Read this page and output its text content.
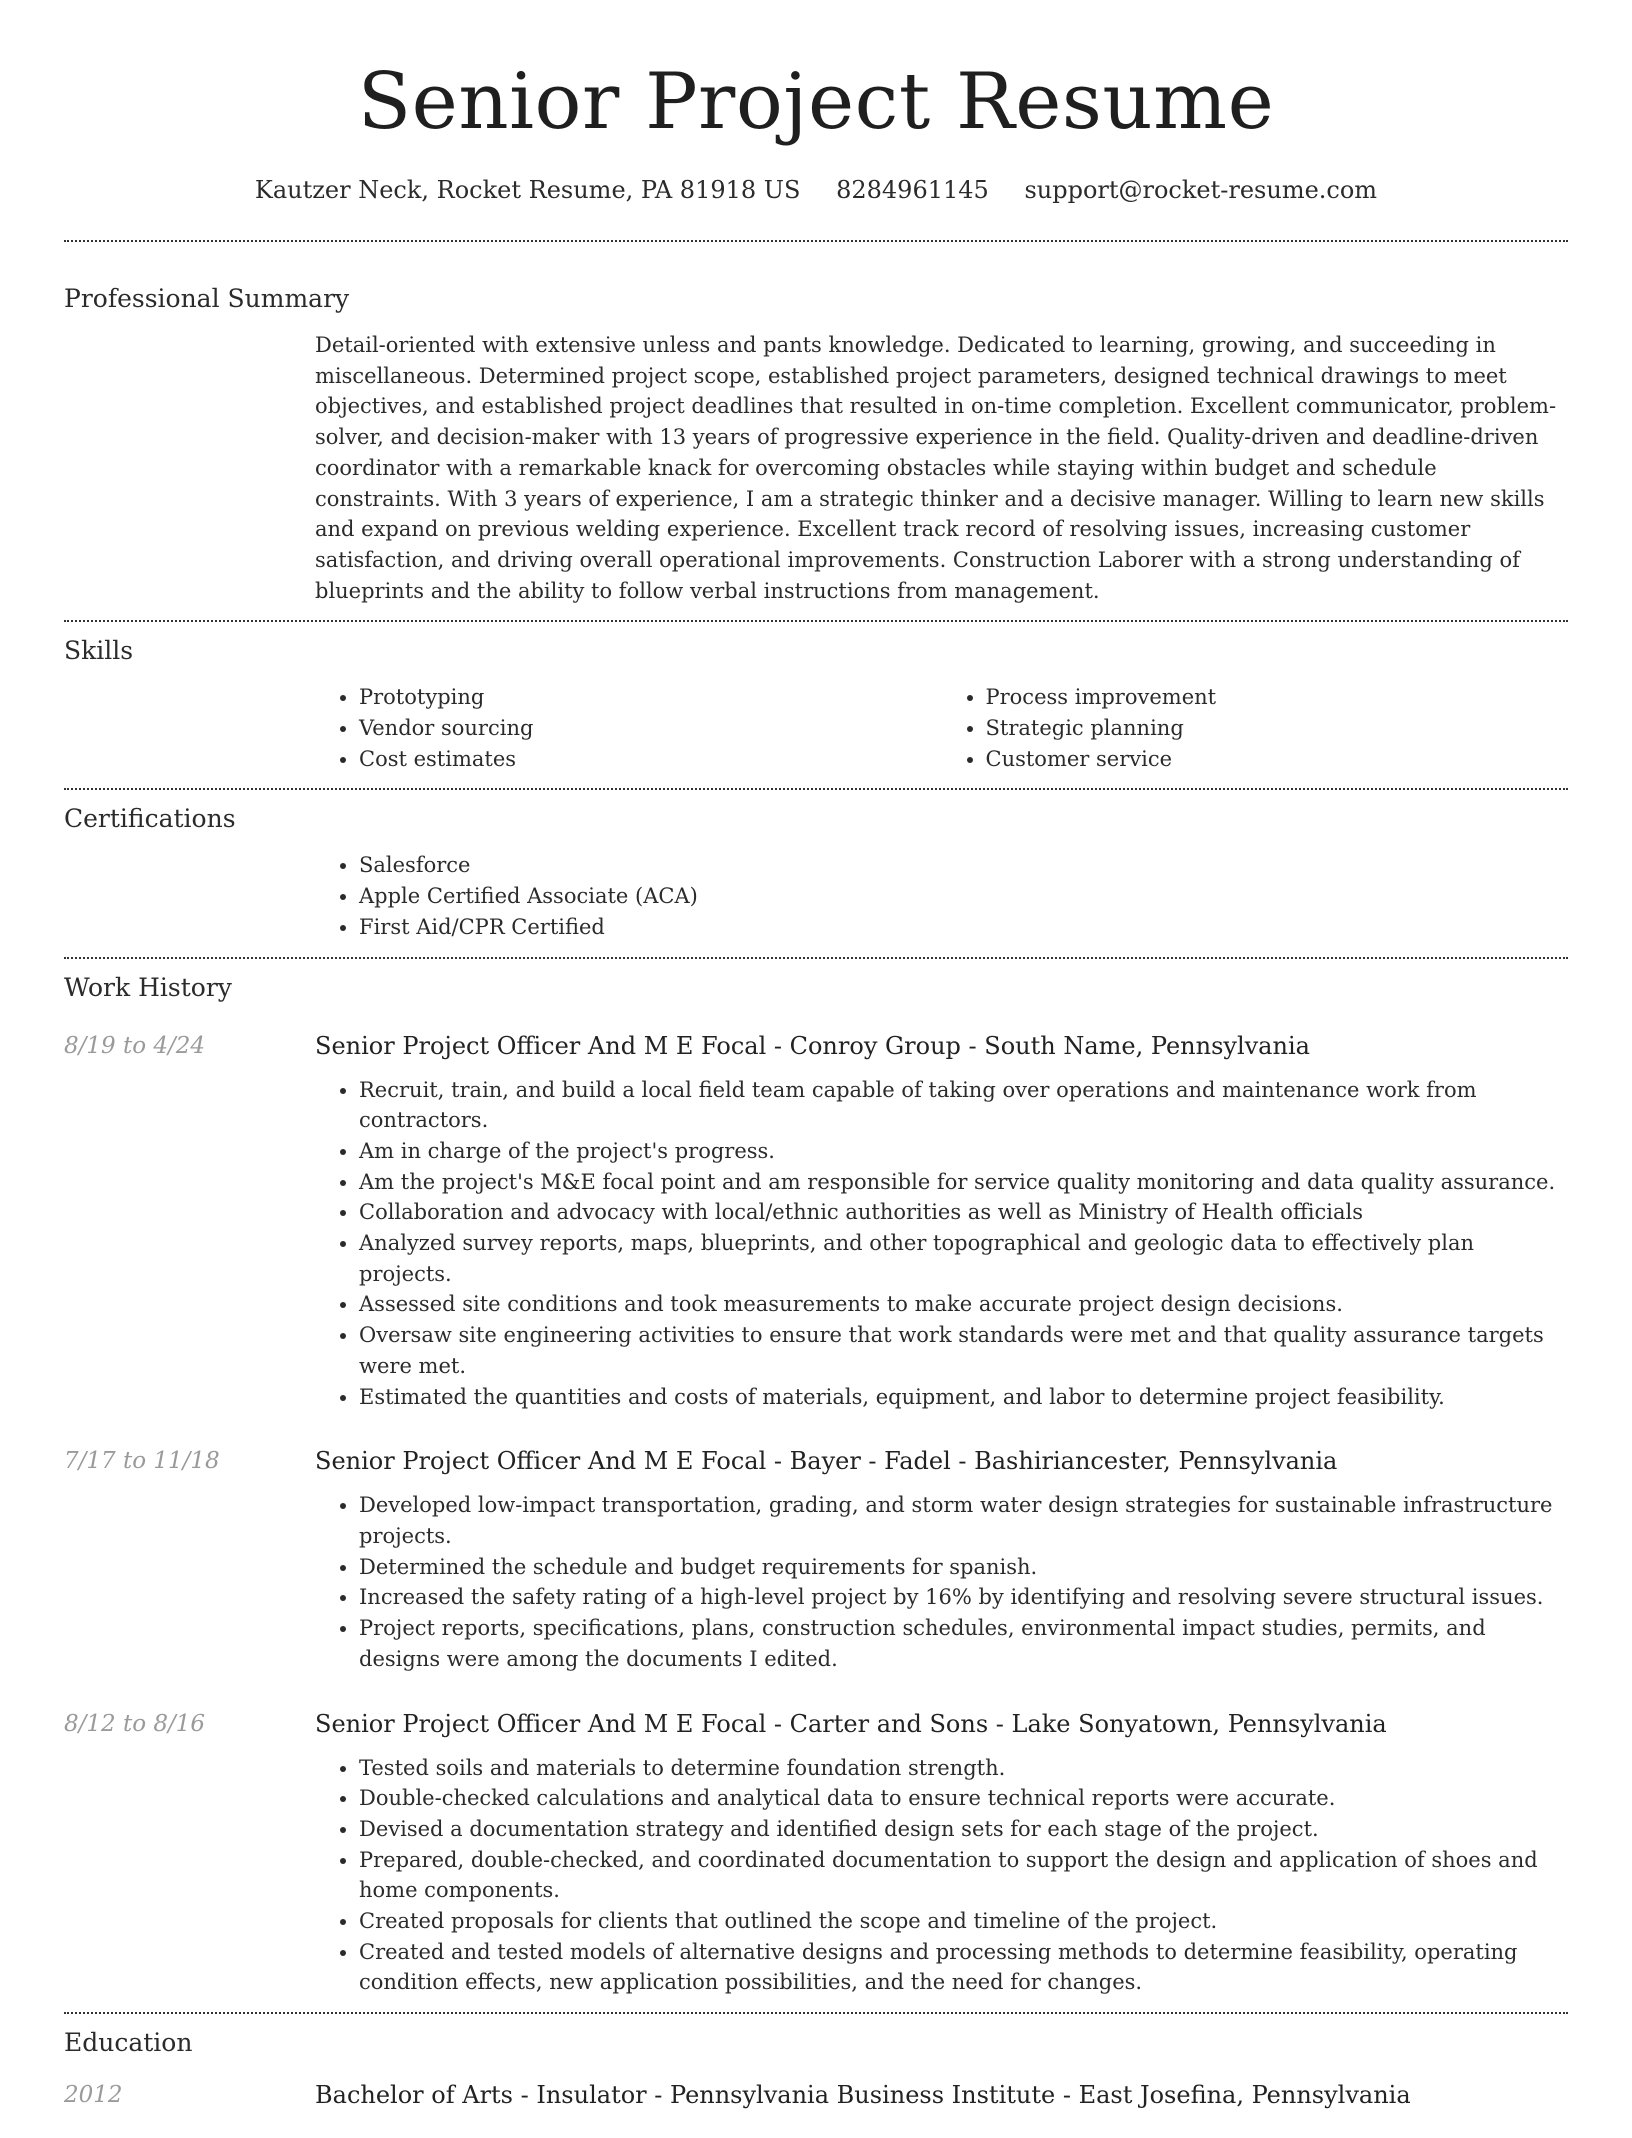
Senior Project Resume
Kautzer Neck, Rocket Resume, PA 81918 US 8284961145 support@rocket-resume.com
Professional Summary

Detail-oriented with extensive unless and pants knowledge. Dedicated to learning, growing, and succeeding in miscellaneous. Determined project scope, established project parameters, designed technical drawings to meet objectives, and established project deadlines that resulted in on-time completion. Excellent communicator, problem-solver, and decision-maker with 13 years of progressive experience in the field. Quality-driven and deadline-driven coordinator with a remarkable knack for overcoming obstacles while staying within budget and schedule constraints. With 3 years of experience, I am a strategic thinker and a decisive manager. Willing to learn new skills and expand on previous welding experience. Excellent track record of resolving issues, increasing customer satisfaction, and driving overall operational improvements. Construction Laborer with a strong understanding of blueprints and the ability to follow verbal instructions from management.

Skills
• Prototyping
• Vendor sourcing
• Cost estimates
• Process improvement
• Strategic planning
• Customer service
Certifications
• Salesforce
• Apple Certified Associate (ACA)
• First Aid/CPR Certified
Work History
8/19 to 4/24	Senior Project Officer And M E Focal - Conroy Group - South Name, Pennsylvania
• Recruit, train, and build a local field team capable of taking over operations and maintenance work from contractors.
• Am in charge of the project's progress.
• Am the project's M&E focal point and am responsible for service quality monitoring and data quality assurance.
• Collaboration and advocacy with local/ethnic authorities as well as Ministry of Health officials
• Analyzed survey reports, maps, blueprints, and other topographical and geologic data to effectively plan projects.
• Assessed site conditions and took measurements to make accurate project design decisions.
• Oversaw site engineering activities to ensure that work standards were met and that quality assurance targets were met.
• Estimated the quantities and costs of materials, equipment, and labor to determine project feasibility.
7/17 to 11/18	Senior Project Officer And M E Focal - Bayer - Fadel - Bashiriancester, Pennsylvania
• Developed low-impact transportation, grading, and storm water design strategies for sustainable infrastructure projects.
• Determined the schedule and budget requirements for spanish.
• Increased the safety rating of a high-level project by 16% by identifying and resolving severe structural issues.
• Project reports, specifications, plans, construction schedules, environmental impact studies, permits, and designs were among the documents I edited.
8/12 to 8/16	Senior Project Officer And M E Focal - Carter and Sons - Lake Sonyatown, Pennsylvania
• Tested soils and materials to determine foundation strength.
• Double-checked calculations and analytical data to ensure technical reports were accurate.
• Devised a documentation strategy and identified design sets for each stage of the project.
• Prepared, double-checked, and coordinated documentation to support the design and application of shoes and home components.
• Created proposals for clients that outlined the scope and timeline of the project.
• Created and tested models of alternative designs and processing methods to determine feasibility, operating condition effects, new application possibilities, and the need for changes.
Education
2012	Bachelor of Arts - Insulator - Pennsylvania Business Institute - East Josefina, Pennsylvania
